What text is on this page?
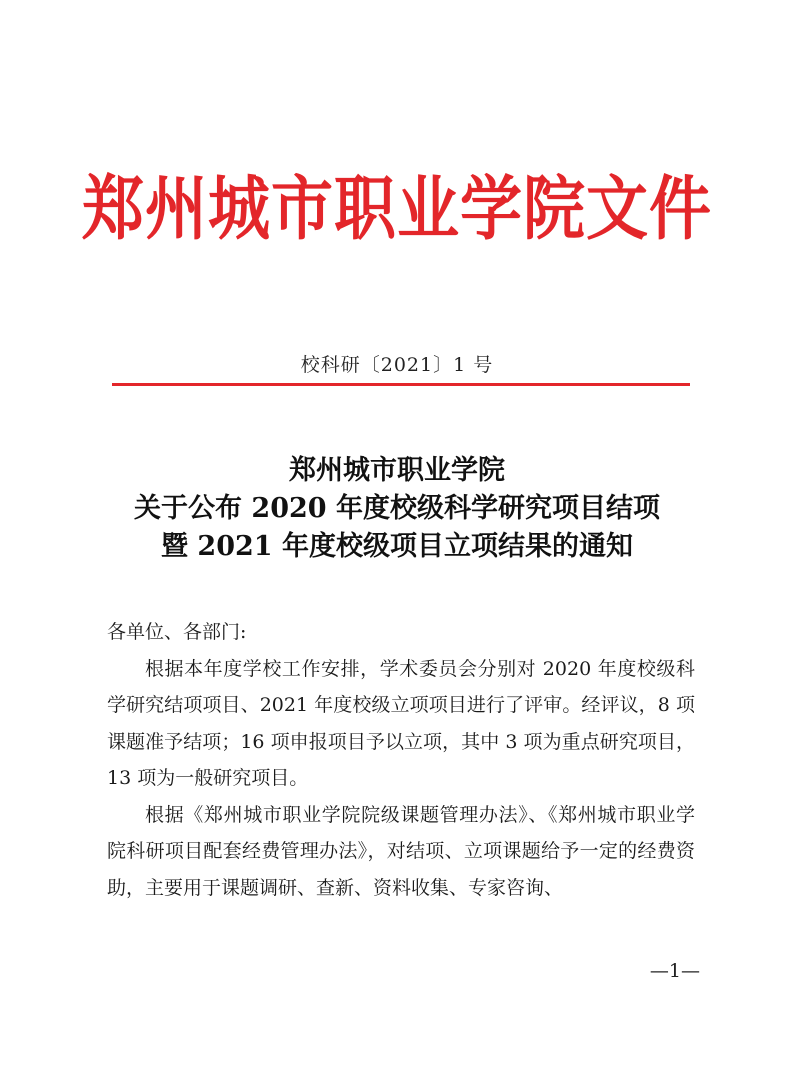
郑州城市职业学院文件
校科研〔2021〕1 号
郑州城市职业学院
关于公布 2020 年度校级科学研究项目结项
暨 2021 年度校级项目立项结果的通知

各单位、各部门:

根据本年度学校工作安排，学术委员会分别对 2020 年度校级科学研究结项项目、2021 年度校级立项项目进行了评审。经评议，8 项课题准予结项；16 项申报项目予以立项，其中 3 项为重点研究项目，13 项为一般研究项目。

根据《郑州城市职业学院院级课题管理办法》、《郑州城市职业学院科研项目配套经费管理办法》，对结项、立项课题给予一定的经费资助，主要用于课题调研、查新、资料收集、专家咨询、

—1—
